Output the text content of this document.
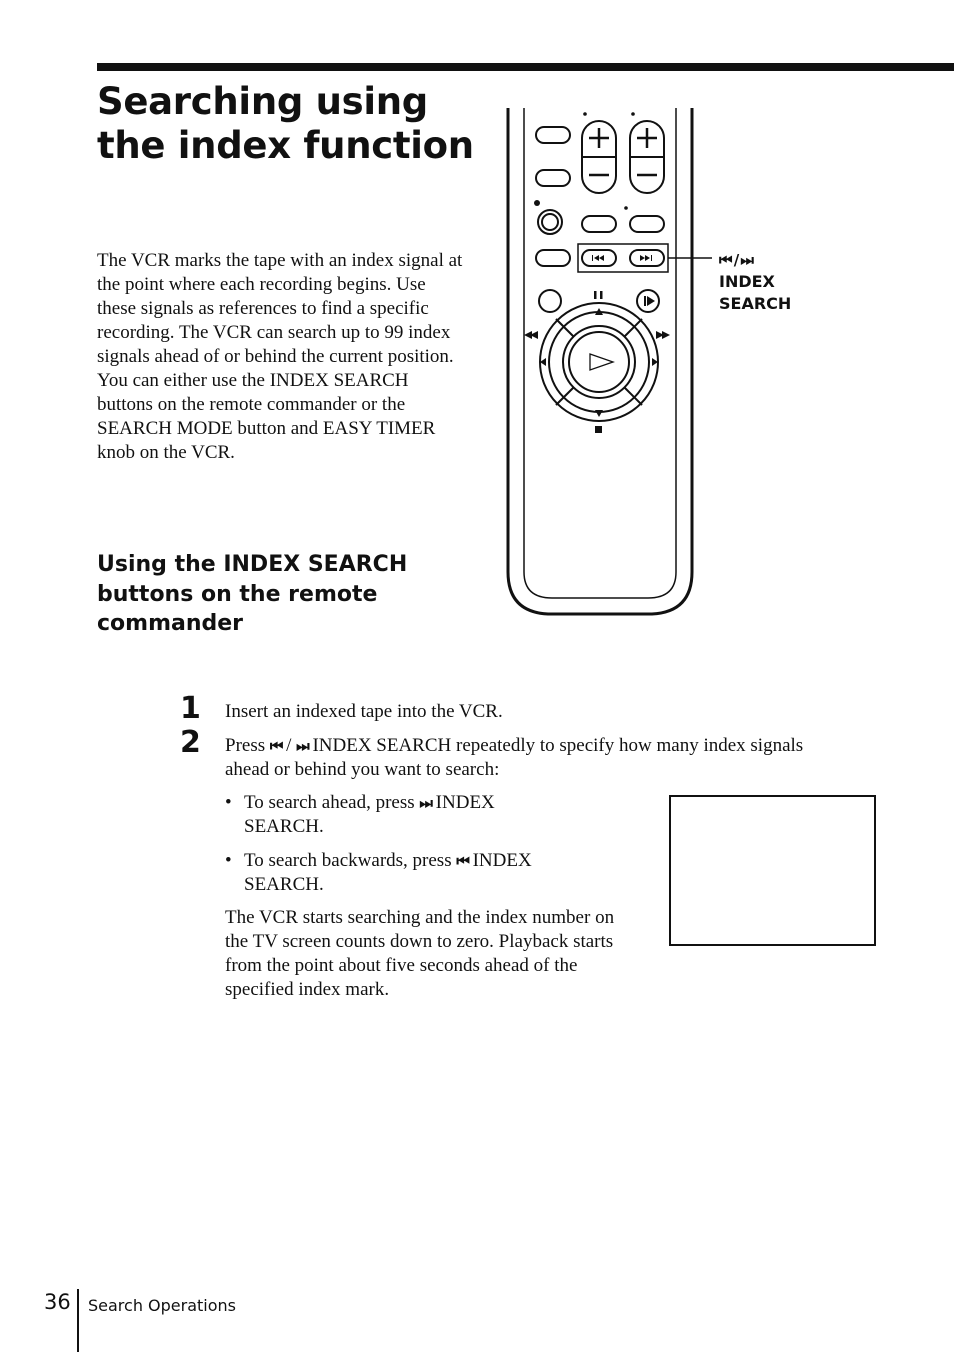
Searching using the index function

The VCR marks the tape with an index signal at the point where each recording begins. Use these signals as references to find a specific recording. The VCR can search up to 99 index signals ahead of or behind the current position. You can either use the INDEX SEARCH buttons on the remote commander or the SEARCH MODE button and EASY TIMER knob on the VCR.

Using the INDEX SEARCH buttons on the remote commander
⏮ / ⏭
INDEX
SEARCH
1 Insert an indexed tape into the VCR.

2 Press ⏮ / ⏭ INDEX SEARCH repeatedly to specify how many index signals ahead or behind you want to search:

• To search ahead, press ⏭ INDEX SEARCH.

• To search backwards, press ⏮ INDEX SEARCH.

The VCR starts searching and the index number on the TV screen counts down to zero. Playback starts from the point about five seconds ahead of the specified index mark.

36 Search Operations
